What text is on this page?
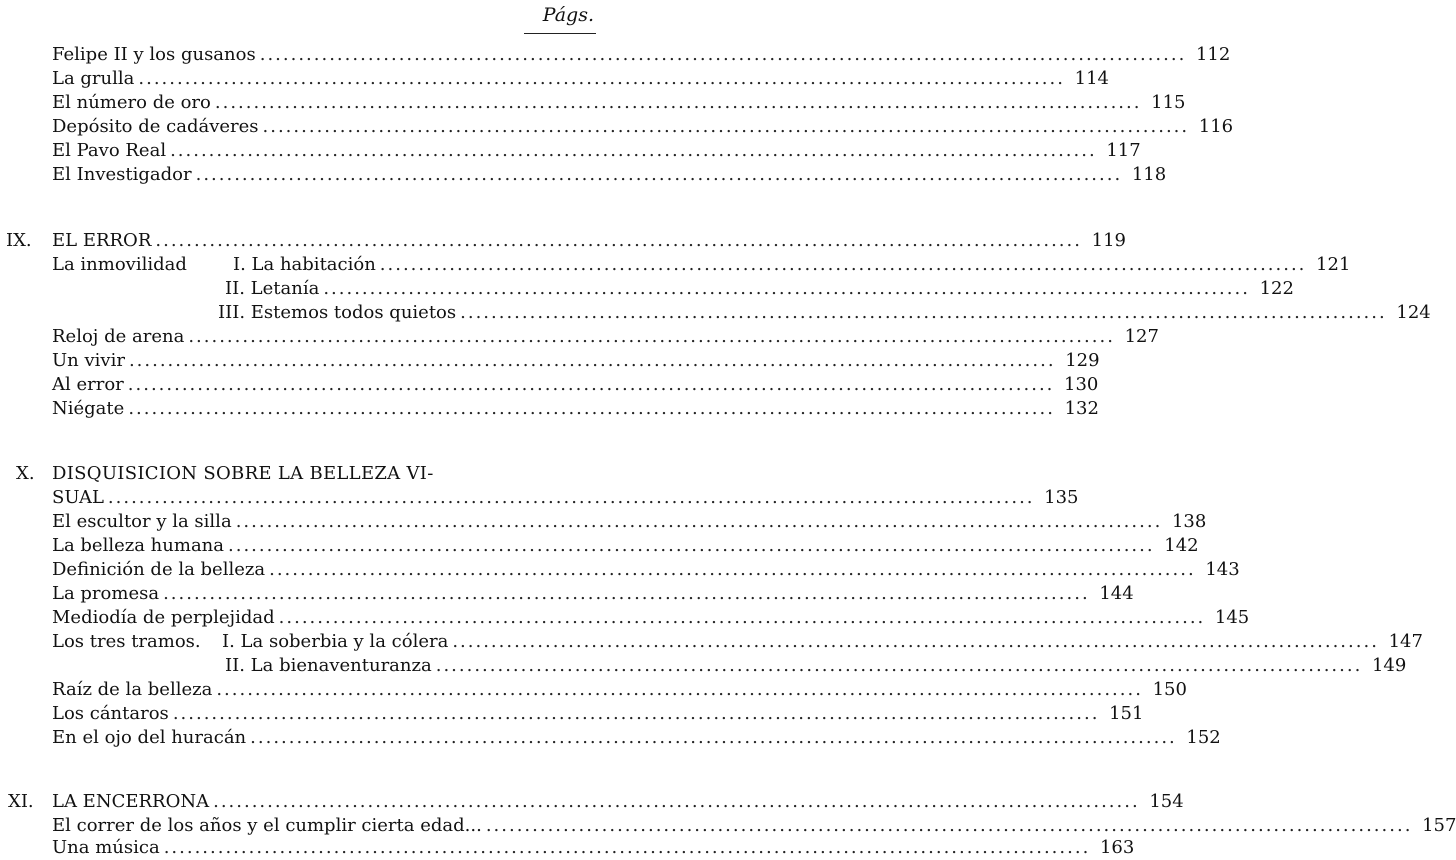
Págs.
Felipe II y los gusanos ........................................................................................................................ 112
La grulla ........................................................................................................................ 114
El número de oro ........................................................................................................................ 115
Depósito de cadáveres ........................................................................................................................ 116
El Pavo Real ........................................................................................................................ 117
El Investigador ........................................................................................................................ 118
IX. EL ERROR ........................................................................................................................ 119
La inmovilidad	I. La habitación ........................................................................................................................ 121
II. Letanía ........................................................................................................................ 122
III. Estemos todos quietos ........................................................................................................................ 124
Reloj de arena ........................................................................................................................ 127
Un vivir ........................................................................................................................ 129
Al error ........................................................................................................................ 130
Niégate ........................................................................................................................ 132
X. DISQUISICION SOBRE LA BELLEZA VI-
SUAL ........................................................................................................................ 135
El escultor y la silla ........................................................................................................................ 138
La belleza humana ........................................................................................................................ 142
Definición de la belleza ........................................................................................................................ 143
La promesa ........................................................................................................................ 144
Mediodía de perplejidad ........................................................................................................................ 145
Los tres tramos. I. La soberbia y la cólera ........................................................................................................................ 147
II. La bienaventuranza ........................................................................................................................ 149
Raíz de la belleza ........................................................................................................................ 150
Los cántaros ........................................................................................................................ 151
En el ojo del huracán ........................................................................................................................ 152
XI. LA ENCERRONA ........................................................................................................................ 154
El correr de los años y el cumplir cierta edad ... ........................................................................................................................ 157
Una música ........................................................................................................................ 163
